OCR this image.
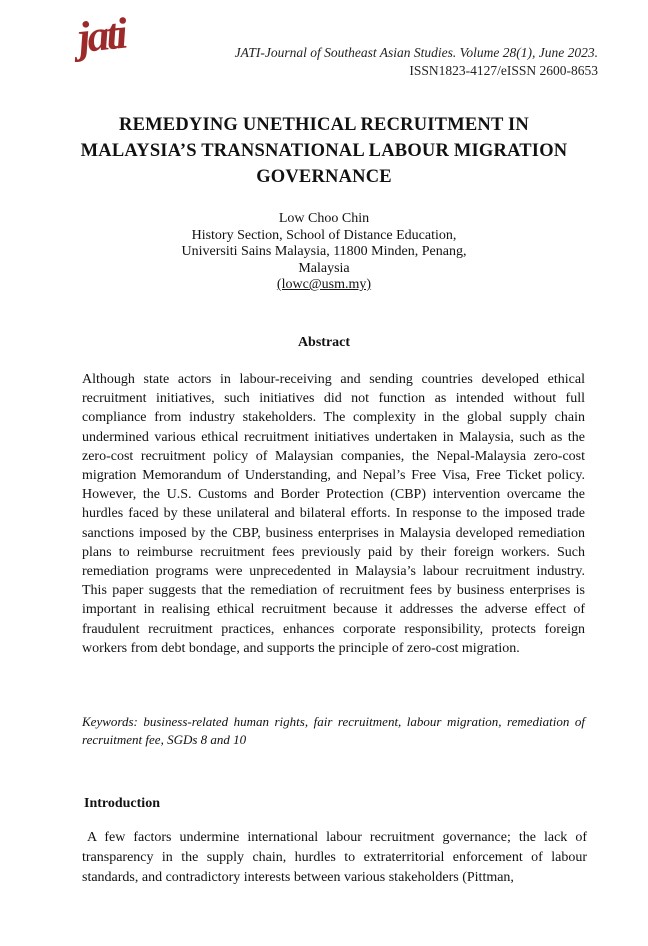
jati	JATI-Journal of Southeast Asian Studies. Volume 28(1), June 2023.
ISSN1823-4127/eISSN 2600-8653
REMEDYING UNETHICAL RECRUITMENT IN
MALAYSIA’S TRANSNATIONAL LABOUR MIGRATION
GOVERNANCE
Low Choo Chin
History Section, School of Distance Education,
Universiti Sains Malaysia, 11800 Minden, Penang,
Malaysia
(lowc@usm.my)
Abstract
Although state actors in labour-receiving and sending countries developed ethical recruitment initiatives, such initiatives did not function as intended without full compliance from industry stakeholders. The complexity in the global supply chain undermined various ethical recruitment initiatives undertaken in Malaysia, such as the zero-cost recruitment policy of Malaysian companies, the Nepal-Malaysia zero-cost migration Memorandum of Understanding, and Nepal’s Free Visa, Free Ticket policy. However, the U.S. Customs and Border Protection (CBP) intervention overcame the hurdles faced by these unilateral and bilateral efforts. In response to the imposed trade sanctions imposed by the CBP, business enterprises in Malaysia developed remediation plans to reimburse recruitment fees previously paid by their foreign workers. Such remediation programs were unprecedented in Malaysia’s labour recruitment industry. This paper suggests that the remediation of recruitment fees by business enterprises is important in realising ethical recruitment because it addresses the adverse effect of fraudulent recruitment practices, enhances corporate responsibility, protects foreign workers from debt bondage, and supports the principle of zero-cost migration.
Keywords: business-related human rights, fair recruitment, labour migration, remediation of recruitment fee, SGDs 8 and 10
Introduction
A few factors undermine international labour recruitment governance; the lack of transparency in the supply chain, hurdles to extraterritorial enforcement of labour standards, and contradictory interests between various stakeholders (Pittman,
